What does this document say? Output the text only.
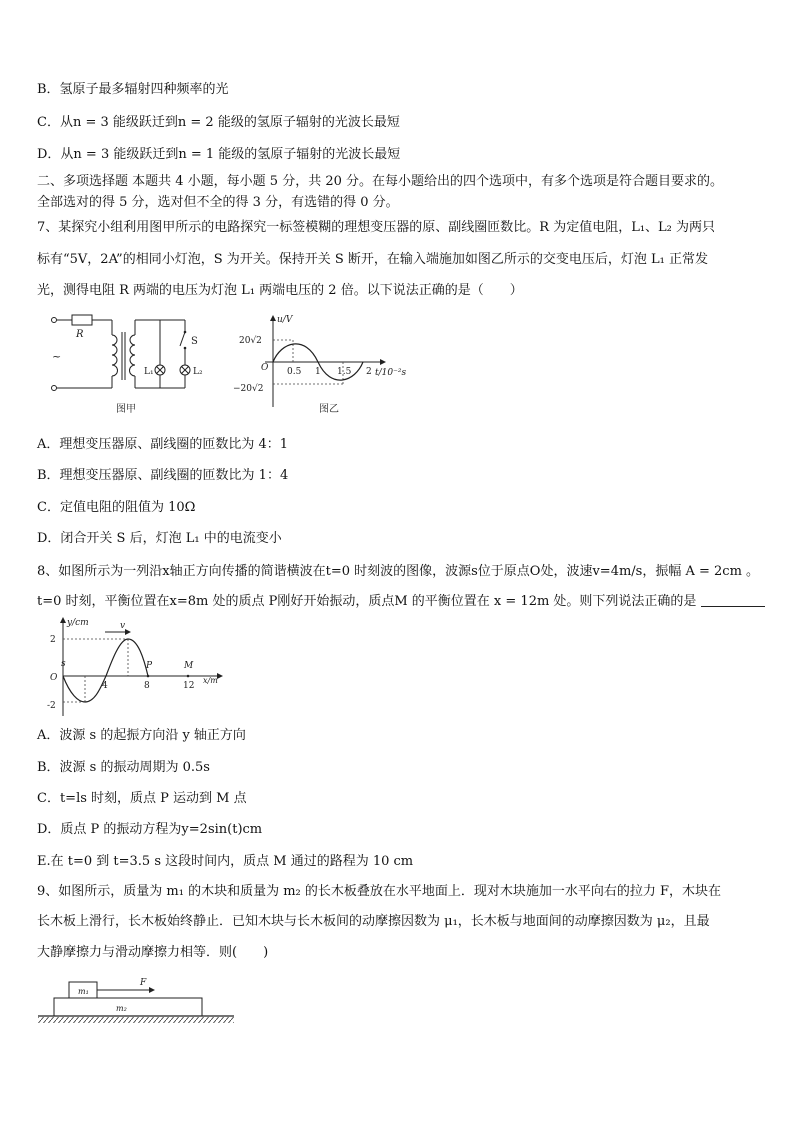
B．氢原子最多辐射四种频率的光
C．从n = 3 能级跃迁到n = 2 能级的氢原子辐射的光波长最短
D．从n = 3 能级跃迁到n = 1 能级的氢原子辐射的光波长最短
二、多项选择题 本题共 4 小题，每小题 5 分，共 20 分。在每小题给出的四个选项中，有多个选项是符合题目要求的。
全部选对的得 5 分，选对但不全的得 3 分，有选错的得 0 分。
7、某探究小组利用图甲所示的电路探究一标签模糊的理想变压器的原、副线圈匝数比。R 为定值电阻，L₁、L₂ 为两只
标有“5V，2A”的相同小灯泡，S 为开关。保持开关 S 断开，在输入端施加如图乙所示的交变电压后，灯泡 L₁ 正常发
光，测得电阻 R 两端的电压为灯泡 L₁ 两端电压的 2 倍。以下说法正确的是（　　）
R
~
L₁
S
L₂
图甲
u/V
t/10⁻²s
O
20√2
−20√2
0.5 1 1.5 2
图乙
A．理想变压器原、副线圈的匝数比为 4：1
B．理想变压器原、副线圈的匝数比为 1：4
C．定值电阻的阻值为 10Ω
D．闭合开关 S 后，灯泡 L₁ 中的电流变小
8、如图所示为一列沿x轴正方向传播的简谐横波在t=0 时刻波的图像，波源s位于原点O处，波速v=4m/s，振幅 A = 2cm 。
t=0 时刻，平衡位置在x=8m 处的质点 P刚好开始振动，质点M 的平衡位置在 x = 12m 处。则下列说法正确的是
y/cm
x/m
v
2
-2
O
s
4	8	12
P	M
A．波源 s 的起振方向沿 y 轴正方向
B．波源 s 的振动周期为 0.5s
C．t=ls 时刻，质点 P 运动到 M 点
D．质点 P 的振动方程为y=2sin(t)cm
E.在 t=0 到 t=3.5 s 这段时间内，质点 M 通过的路程为 10 cm
9、如图所示，质量为 m₁ 的木块和质量为 m₂ 的长木板叠放在水平地面上．现对木块施加一水平向右的拉力 F，木块在
长木板上滑行，长木板始终静止．已知木块与长木板间的动摩擦因数为 μ₁，长木板与地面间的动摩擦因数为 μ₂，且最
大静摩擦力与滑动摩擦力相等．则(　　)
m₁
F
m₂
